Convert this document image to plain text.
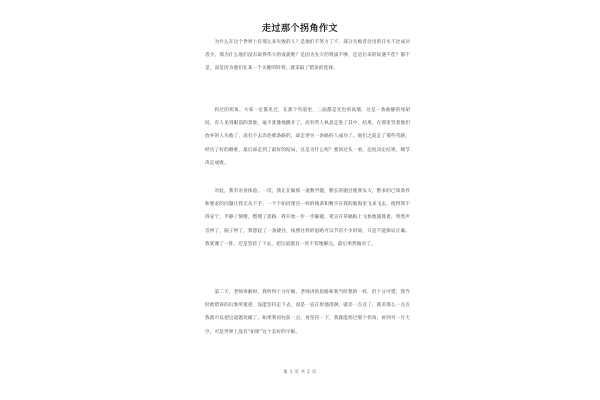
走过那个拐角作文

为什么在这个世界上有那么多失败的人？是他们不努力了不，部分失败者付出的汗水不比成功者少。那为什么他们没有取得伟大的成就呢？是因为先天的资质不够，还是后来的际遇不佳？都不是，而是因为他们在某一个关键的时刻，就采取了错误的选择。

拐过的拐角。大家一定都见过，在那个弯道里，三面都是光色的高墙，这是一条曲静的死胡同，有人见到眼前的景象，毫不犹豫地跳开了，而有些人执意走进了其中，结果，在那里哭着他们放弃的人失败了，没有不去奔赴那条路的，却走进另一条路的人成功了。他们之前走了那些弯路，经历了好的磨难，最后却走到了最好的结局，这是为什么呢？要回过头一看，态度决定结果，细节决定成败。

对此，我有亲身体验。一次，我正在做那一道数学题，繁长的题目使我头大，繁多的已知条件和要求的问题让我无从下手，一个个如同迷宫一样的线条和数字在我的脑海里飞来飞去，搅得我不得安宁。平静了情绪，整理了思路，我开始一步一步解题，笔尖在草稿纸上飞快地演算着，突然声音停了，脑子停了，我想起了一条捷径，按照这样的思路可以节省不少时间，只是不能保证正确。我犹豫了一阵，还是坚持了下去，把这道题目一丝不苟地解完，最后果然做对了。

第二天，老师讲解时，我听得十分仔细。老师讲的思路和我当时想的一样，但十分可惜，我当时被错误的幻象所迷惑，没能坚持走下去，而是一直在原地徘徊，就差一点点了，就差那么一点点我就可以把这道题攻破了。如果我再往前一点，再坚持一下，我就能拐过那个拐角，看到另一片天空。可是世界上没有“如果”这个美好的字眼。

第 1 页 共 2 页
